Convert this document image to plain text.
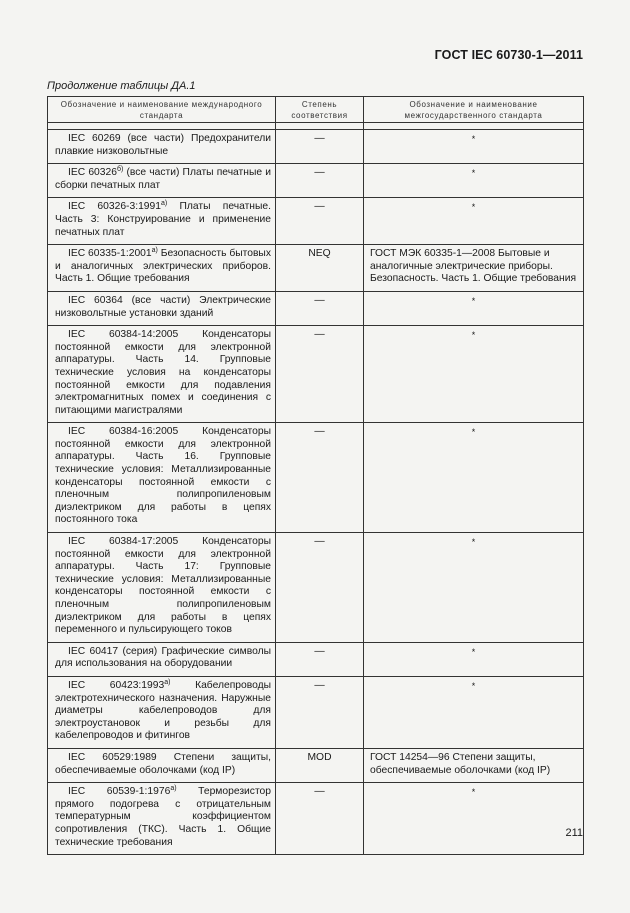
ГОСТ IEC 60730-1—2011
Продолжение таблицы ДА.1
Обозначение и наименование международного стандарта	Степень соответствия	Обозначение и наименование межгосударственного стандарта

IEC 60269 (все части) Предохранители плавкие низковольтные	—	*
IEC $60326^{б)}$ (все части) Платы печатные и сборки печатных плат	—	*
IEC $60326-3:1991^{а)}$ Платы печатные. Часть 3: Конструирование и применение печатных плат	—	*
IEC $60335-1:2001^{а)}$ Безопасность бытовых и аналогичных электрических приборов. Часть 1. Общие требования	NEQ	ГОСТ МЭК 60335-1—2008 Бытовые и аналогичные электрические приборы. Безопасность. Часть 1. Общие требования
IEC 60364 (все части) Электрические низковольтные установки зданий	—	*
IEC 60384-14:2005 Конденсаторы постоянной емкости для электронной аппаратуры. Часть 14. Групповые технические условия на конденсаторы постоянной емкости для подавления электромагнитных помех и соединения с питающими магистралями	—	*
IEC 60384-16:2005 Конденсаторы постоянной емкости для электронной аппаратуры. Часть 16. Групповые технические условия: Металлизированные конденсаторы постоянной емкости с пленочным полипропиленовым диэлектриком для работы в цепях постоянного тока	—	*
IEC 60384-17:2005 Конденсаторы постоянной емкости для электронной аппаратуры. Часть 17: Групповые технические условия: Металлизированные конденсаторы постоянной емкости с пленочным полипропиленовым диэлектриком для работы в цепях переменного и пульсирующего токов	—	*
IEC 60417 (серия) Графические символы для использования на оборудовании	—	*
IEC $60423:1993^{а)}$ Кабелепроводы электротехнического назначения. Наружные диаметры кабелепроводов для электроустановок и резьбы для кабелепроводов и фитингов	—	*
IEC 60529:1989 Степени защиты, обеспечиваемые оболочками (код IP)	MOD	ГОСТ 14254—96 Степени защиты, обеспечиваемые оболочками (код IP)
IEC $60539-1:1976^{а)}$ Терморезистор прямого подогрева с отрицательным температурным коэффициентом сопротивления (ТКС). Часть 1. Общие технические требования	—	*
211
